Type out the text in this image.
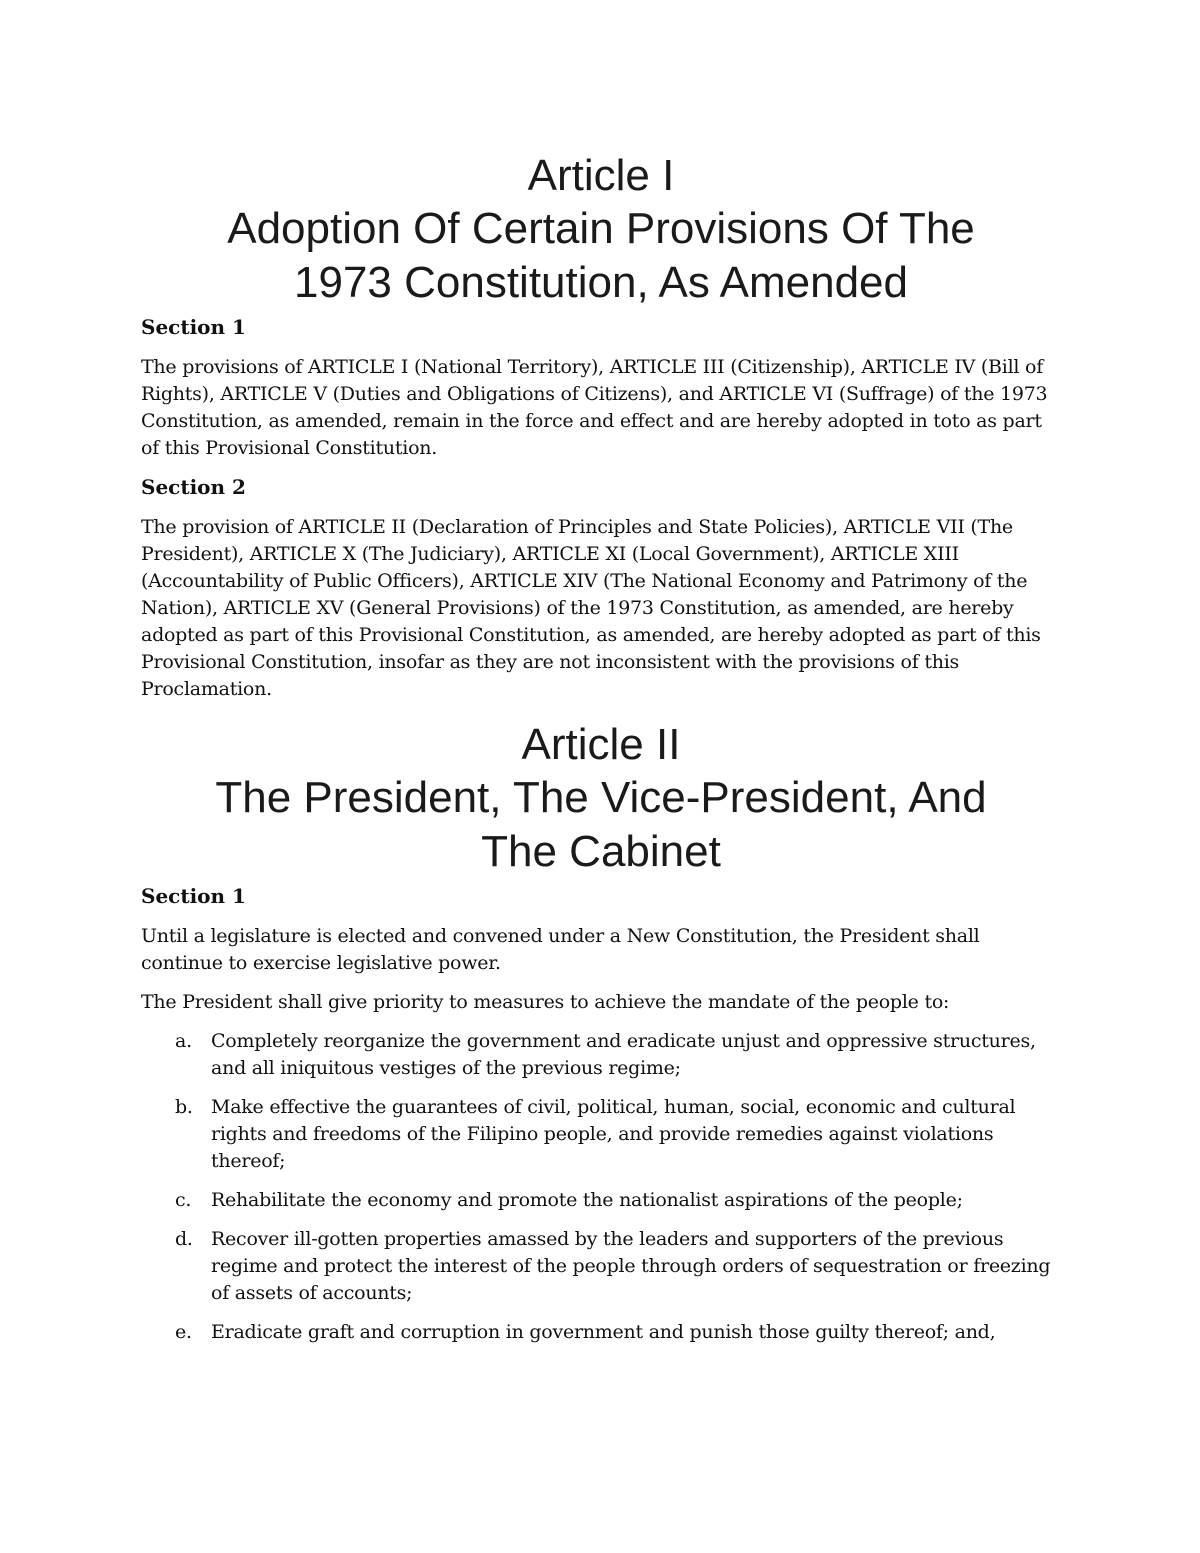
Article I
Adoption Of Certain Provisions Of The
1973 Constitution, As Amended
Section 1

The provisions of ARTICLE I (National Territory), ARTICLE III (Citizenship), ARTICLE IV (Bill of Rights), ARTICLE V (Duties and Obligations of Citizens), and ARTICLE VI (Suffrage) of the 1973 Constitution, as amended, remain in the force and effect and are hereby adopted in toto as part of this Provisional Constitution.

Section 2

The provision of ARTICLE II (Declaration of Principles and State Policies), ARTICLE VII (The President), ARTICLE X (The Judiciary), ARTICLE XI (Local Government), ARTICLE XIII (Accountability of Public Officers), ARTICLE XIV (The National Economy and Patrimony of the Nation), ARTICLE XV (General Provisions) of the 1973 Constitution, as amended, are hereby adopted as part of this Provisional Constitution, as amended, are hereby adopted as part of this Provisional Constitution, insofar as they are not inconsistent with the provisions of this Proclamation.

Article II
The President, The Vice-President, And
The Cabinet
Section 1

Until a legislature is elected and convened under a New Constitution, the President shall continue to exercise legislative power.

The President shall give priority to measures to achieve the mandate of the people to:

a. Completely reorganize the government and eradicate unjust and oppressive structures, and all iniquitous vestiges of the previous regime;
b. Make effective the guarantees of civil, political, human, social, economic and cultural rights and freedoms of the Filipino people, and provide remedies against violations thereof;
c. Rehabilitate the economy and promote the nationalist aspirations of the people;
d. Recover ill-gotten properties amassed by the leaders and supporters of the previous regime and protect the interest of the people through orders of sequestration or freezing of assets of accounts;
e. Eradicate graft and corruption in government and punish those guilty thereof; and,
